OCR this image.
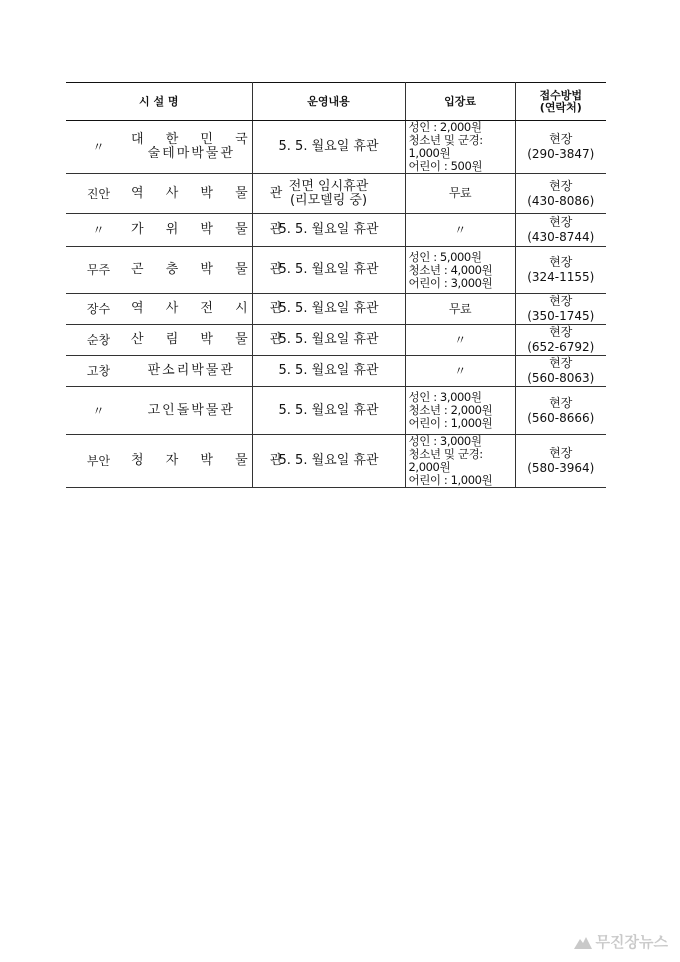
시 설 명		운영내용	입장료	접수방법
(연락처)

〃	대 한 민 국
술테마박물관	5. 5. 월요일 휴관	성인 : 2,000원
청소년 및 군경: 1,000원
어린이 : 500원	현장
(290-3847)

진안	역 사 박 물 관	전면 임시휴관
(리모델링 중)	무료	현장
(430-8086)

〃	가 위 박 물 관	5. 5. 월요일 휴관	〃	현장
(430-8744)

무주	곤 충 박 물 관	5. 5. 월요일 휴관	성인 : 5,000원
청소년 : 4,000원
어린이 : 3,000원	현장
(324-1155)

장수	역 사 전 시 관	5. 5. 월요일 휴관	무료	현장
(350-1745)

순창	산 림 박 물 관	5. 5. 월요일 휴관	〃	현장
(652-6792)

고창	판소리박물관	5. 5. 월요일 휴관	〃	현장
(560-8063)

〃	고인돌박물관	5. 5. 월요일 휴관	성인 : 3,000원
청소년 : 2,000원
어린이 : 1,000원	현장
(560-8666)

부안	청 자 박 물 관	5. 5. 월요일 휴관	성인 : 3,000원
청소년 및 군경: 2,000원
어린이 : 1,000원	현장
(580-3964)
무진장뉴스
